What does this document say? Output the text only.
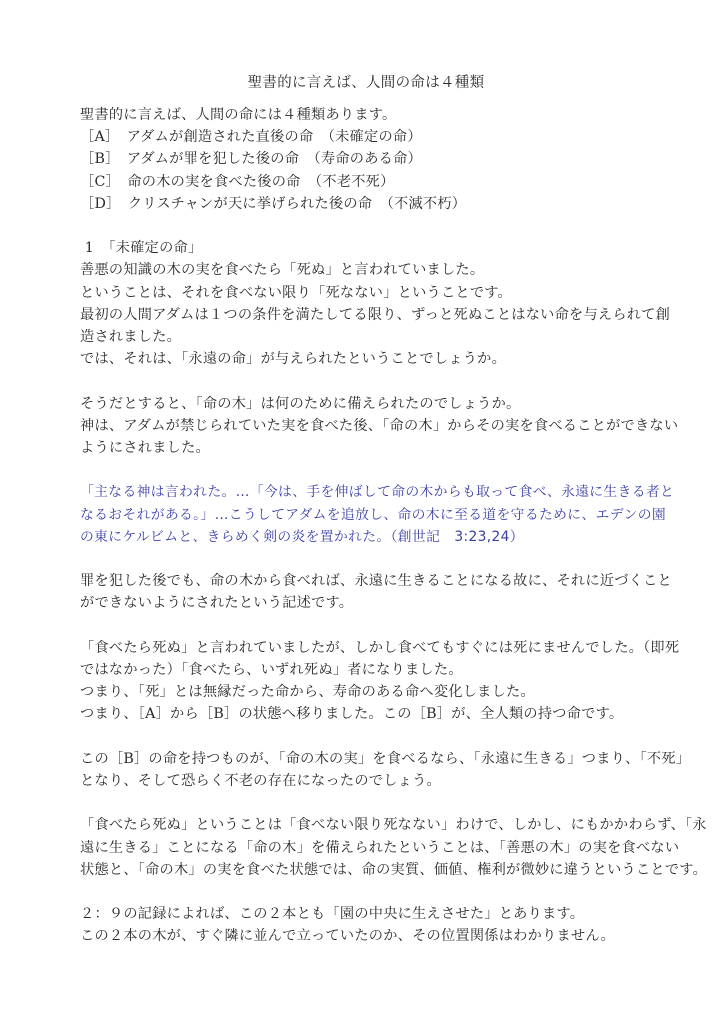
聖書的に言えば、人間の命は４種類
聖書的に言えば、人間の命には４種類あります。
［A］　アダムが創造された直後の命　（未確定の命）
［B］　アダムが罪を犯した後の命　（寿命のある命）
［C］　命の木の実を食べた後の命　（不老不死）
［D］　クリスチャンが天に挙げられた後の命　（不滅不朽）
1　「未確定の命」
善悪の知識の木の実を食べたら「死ぬ」と言われていました。
ということは、それを食べない限り「死なない」ということです。
最初の人間アダムは１つの条件を満たしてる限り、ずっと死ぬことはない命を与えられて創
造されました。
では、それは、「永遠の命」が与えられたということでしょうか。
そうだとすると、「命の木」は何のために備えられたのでしょうか。
神は、アダムが禁じられていた実を食べた後、「命の木」からその実を食べることができない
ようにされました。
「主なる神は言われた。…「今は、手を伸ばして命の木からも取って食べ、永遠に生きる者と
なるおそれがある。」…こうしてアダムを追放し、命の木に至る道を守るために、エデンの園
の東にケルビムと、きらめく剣の炎を置かれた。（創世記　3:23,24）
罪を犯した後でも、命の木から食べれば、永遠に生きることになる故に、それに近づくこと
ができないようにされたという記述です。
「食べたら死ぬ」と言われていましたが、しかし食べてもすぐには死にませんでした。（即死
ではなかった）「食べたら、いずれ死ぬ」者になりました。
つまり、「死」とは無縁だった命から、寿命のある命へ変化しました。
つまり、［A］から［B］の状態へ移りました。この［B］が、全人類の持つ命です。
この［B］の命を持つものが、「命の木の実」を食べるなら、「永遠に生きる」つまり、「不死」
となり、そして恐らく不老の存在になったのでしょう。
「食べたら死ぬ」ということは「食べない限り死なない」わけで、しかし、にもかかわらず、「永
遠に生きる」ことになる「命の木」を備えられたということは、「善悪の木」の実を食べない
状態と、「命の木」の実を食べた状態では、命の実質、価値、権利が微妙に違うということです。
２：９の記録によれば、この２本とも「園の中央に生えさせた」とあります。
この２本の木が、すぐ隣に並んで立っていたのか、その位置関係はわかりません。
